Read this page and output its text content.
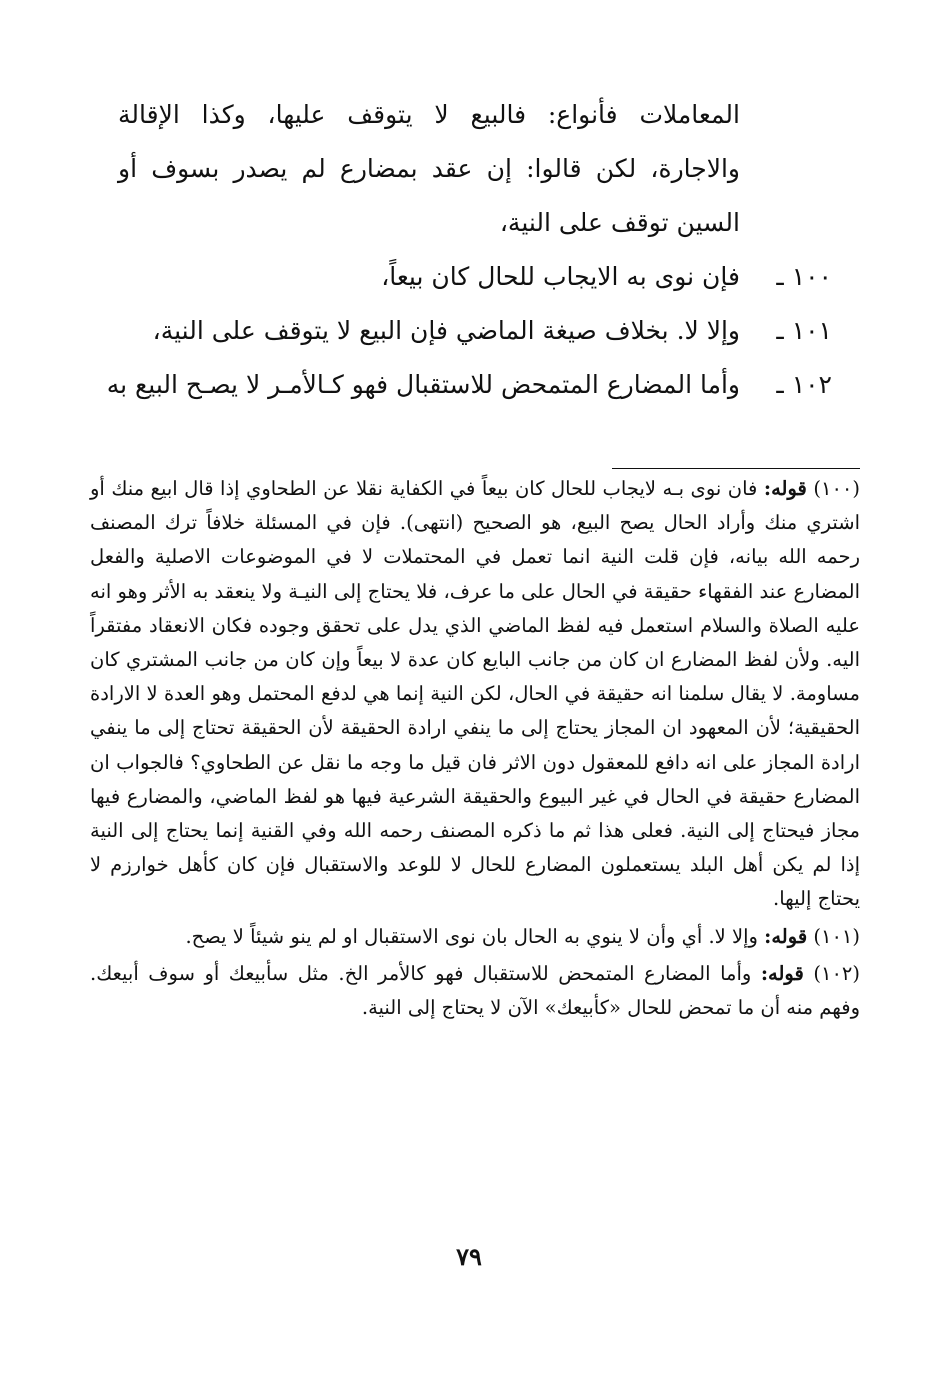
المعاملات فأنواع: فالبيع لا يتوقف عليها، وكذا الإقالة والاجارة، لكن قالوا: إن عقد بمضارع لم يصدر بسوف أو السين توقف على النية،

١٠٠ ـفإن نوى به الايجاب للحال كان بيعاً،
١٠١ ـوإلا لا. بخلاف صيغة الماضي فإن البيع لا يتوقف على النية،
١٠٢ ـوأما المضارع المتمحض للاستقبال فهو كـالأمـر لا يصـح البيع به

(١٠٠) قوله: فان نوى بـه لايجاب للحال كان بيعاً في الكفاية نقلا عن الطحاوي إذا قال ابيع منك أو اشتري منك وأراد الحال يصح البيع، هو الصحيح (انتهى). فإن في المسئلة خلافاً ترك المصنف رحمه الله بيانه، فإن قلت النية انما تعمل في المحتملات لا في الموضوعات الاصلية والفعل المضارع عند الفقهاء حقيقة في الحال على ما عرف، فلا يحتاج إلى النيـة ولا ينعقد به الأثر وهو انه عليه الصلاة والسلام استعمل فيه لفظ الماضي الذي يدل على تحقق وجوده فكان الانعقاد مفتقراً اليه. ولأن لفظ المضارع ان كان من جانب البايع كان عدة لا بيعاً وإن كان من جانب المشتري كان مساومة. لا يقال سلمنا انه حقيقة في الحال، لكن النية إنما هي لدفع المحتمل وهو العدة لا الارادة الحقيقية؛ لأن المعهود ان المجاز يحتاج إلى ما ينفي ارادة الحقيقة لأن الحقيقة تحتاج إلى ما ينفي ارادة المجاز على انه دافع للمعقول دون الاثر فان قيل ما وجه ما نقل عن الطحاوي؟ فالجواب ان المضارع حقيقة في الحال في غير البيوع والحقيقة الشرعية فيها هو لفظ الماضي، والمضارع فيها مجاز فيحتاج إلى النية. فعلى هذا ثم ما ذكره المصنف رحمه الله وفي القنية إنما يحتاج إلى النية إذا لم يكن أهل البلد يستعملون المضارع للحال لا للوعد والاستقبال فإن كان كأهل خوارزم لا يحتاج إليها.

(١٠١) قوله: وإلا لا. أي وأن لا ينوي به الحال بان نوى الاستقبال او لم ينو شيئاً لا يصح.

(١٠٢) قوله: وأما المضارع المتمحض للاستقبال فهو كالأمر الخ. مثل سأبيعك أو سوف أبيعك. وفهم منه أن ما تمحض للحال «كأبيعك» الآن لا يحتاج إلى النية.

٧٩
